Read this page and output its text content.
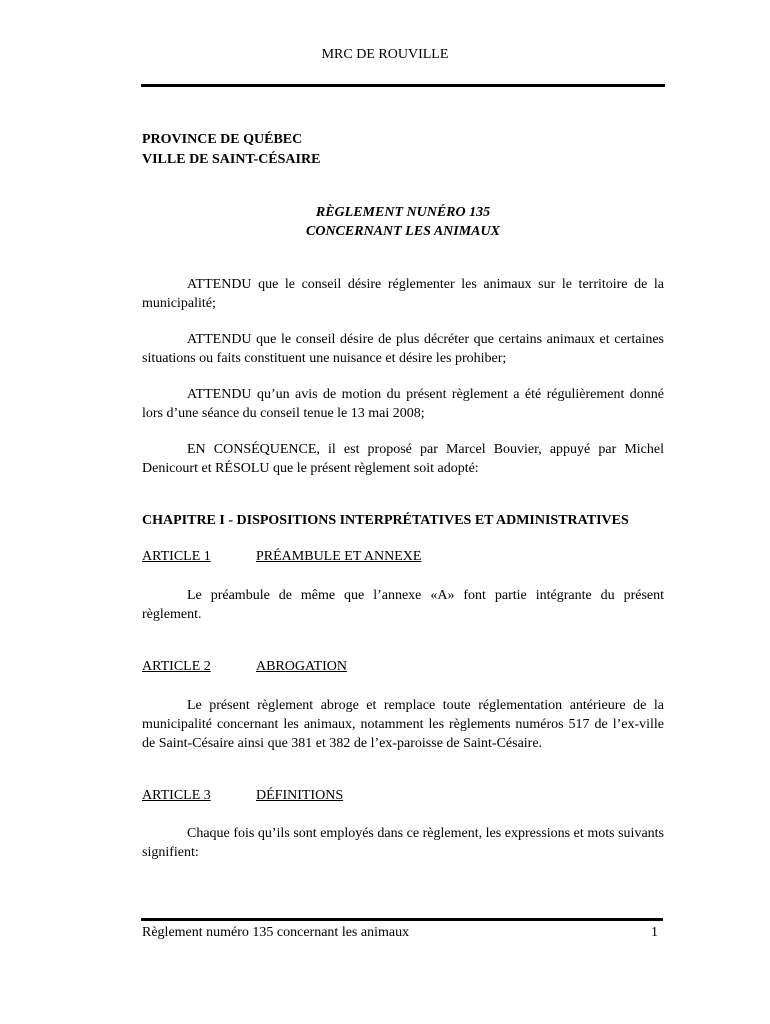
MRC DE ROUVILLE
PROVINCE DE QUÉBEC
VILLE DE SAINT-CÉSAIRE
RÈGLEMENT NUNÉRO 135
CONCERNANT LES ANIMAUX
ATTENDU que le conseil désire réglementer les animaux sur le territoire de la municipalité;
ATTENDU que le conseil désire de plus décréter que certains animaux et certaines situations ou faits constituent une nuisance et désire les prohiber;
ATTENDU qu’un avis de motion du présent règlement a été régulièrement donné lors d’une séance du conseil tenue le 13 mai 2008;
EN CONSÉQUENCE, il est proposé par Marcel Bouvier, appuyé par Michel Denicourt et RÉSOLU que le présent règlement soit adopté:
CHAPITRE I - DISPOSITIONS INTERPRÉTATIVES ET ADMINISTRATIVES
ARTICLE 1	PRÉAMBULE ET ANNEXE
Le préambule de même que l’annexe «A» font partie intégrante du présent règlement.
ARTICLE 2	ABROGATION
Le présent règlement abroge et remplace toute réglementation antérieure de la municipalité concernant les animaux, notamment les règlements numéros 517 de l’ex-ville de Saint-Césaire ainsi que 381 et 382 de l’ex-paroisse de Saint-Césaire.
ARTICLE 3	DÉFINITIONS
Chaque fois qu’ils sont employés dans ce règlement, les expressions et mots suivants signifient:
Règlement numéro 135 concernant les animaux	1
